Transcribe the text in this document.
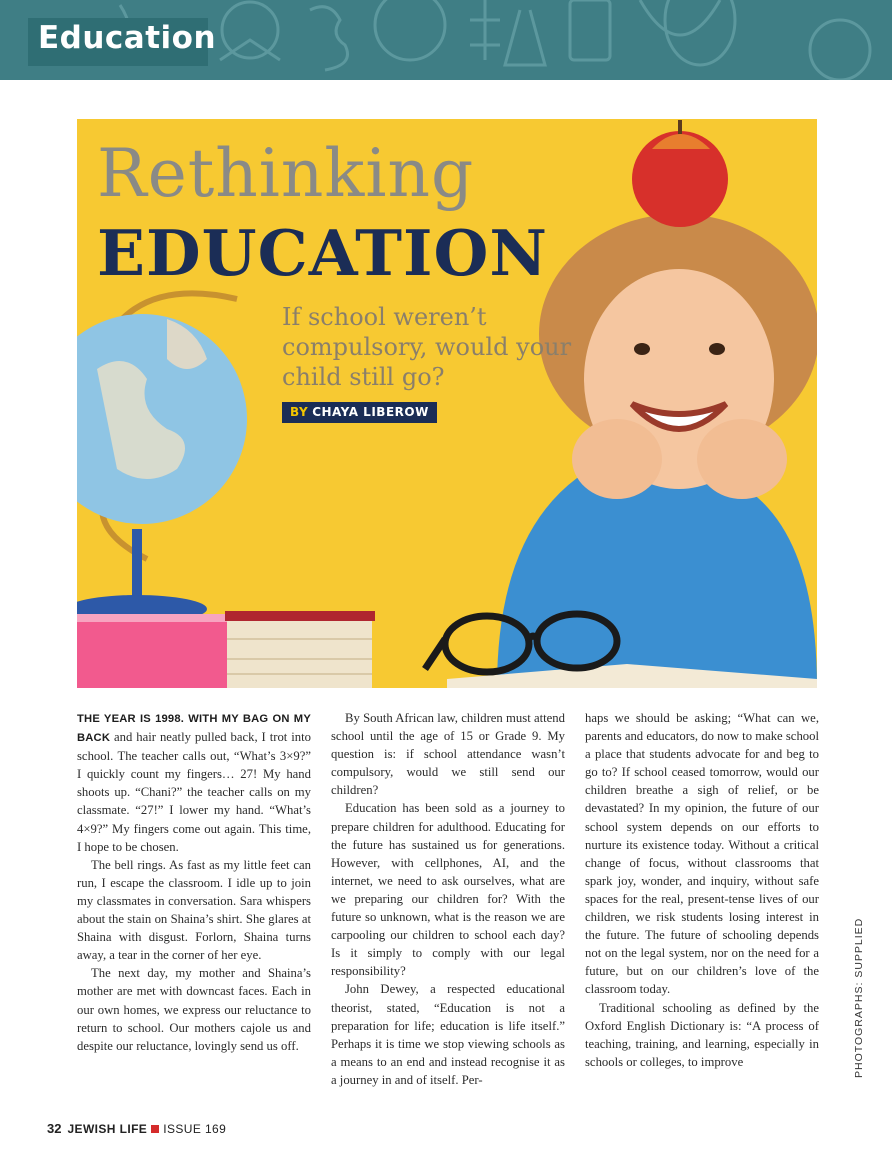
Education
Rethinking
EDUCATION
If school weren’t compulsory, would your child still go?
BY CHAYA LIBEROW

THE YEAR IS 1998. WITH MY BAG ON MY BACK and hair neatly pulled back, I trot into school. The teacher calls out, “What’s 3×9?” I quickly count my fingers… 27! My hand shoots up. “Chani?” the teacher calls on my classmate. “27!” I lower my hand. “What’s 4×9?” My fingers come out again. This time, I hope to be chosen.

The bell rings. As fast as my little feet can run, I escape the classroom. I idle up to join my classmates in conversation. Sara whispers about the stain on Shaina’s shirt. She glares at Shaina with disgust. Forlorn, Shaina turns away, a tear in the corner of her eye.

The next day, my mother and Shaina’s mother are met with downcast faces. Each in our own homes, we express our reluctance to return to school. Our mothers cajole us and despite our reluctance, lovingly send us off.

By South African law, children must attend school until the age of 15 or Grade 9. My question is: if school attendance wasn’t compulsory, would we still send our children?

Education has been sold as a journey to prepare children for adulthood. Educating for the future has sustained us for generations. However, with cellphones, AI, and the internet, we need to ask ourselves, what are we preparing our children for? With the future so unknown, what is the reason we are carpooling our children to school each day? Is it simply to comply with our legal responsibility?

John Dewey, a respected educational theorist, stated, “Education is not a preparation for life; education is life itself.” Perhaps it is time we stop viewing schools as a means to an end and instead recognise it as a journey in and of itself. Per-

haps we should be asking; “What can we, parents and educators, do now to make school a place that students advocate for and beg to go to? If school ceased tomorrow, would our children breathe a sigh of relief, or be devastated? In my opinion, the future of our school system depends on our efforts to nurture its existence today. Without a critical change of focus, without classrooms that spark joy, wonder, and inquiry, without safe spaces for the real, present-tense lives of our children, we risk students losing interest in the future. The future of schooling depends not on the legal system, nor on the need for a future, but on our children’s love of the classroom today.

Traditional schooling as defined by the Oxford English Dictionary is: “A process of teaching, training, and learning, especially in schools or colleges, to improve	PHOTOGRAPHS: SUPPLIED
32 JEWISH LIFE ISSUE 169
